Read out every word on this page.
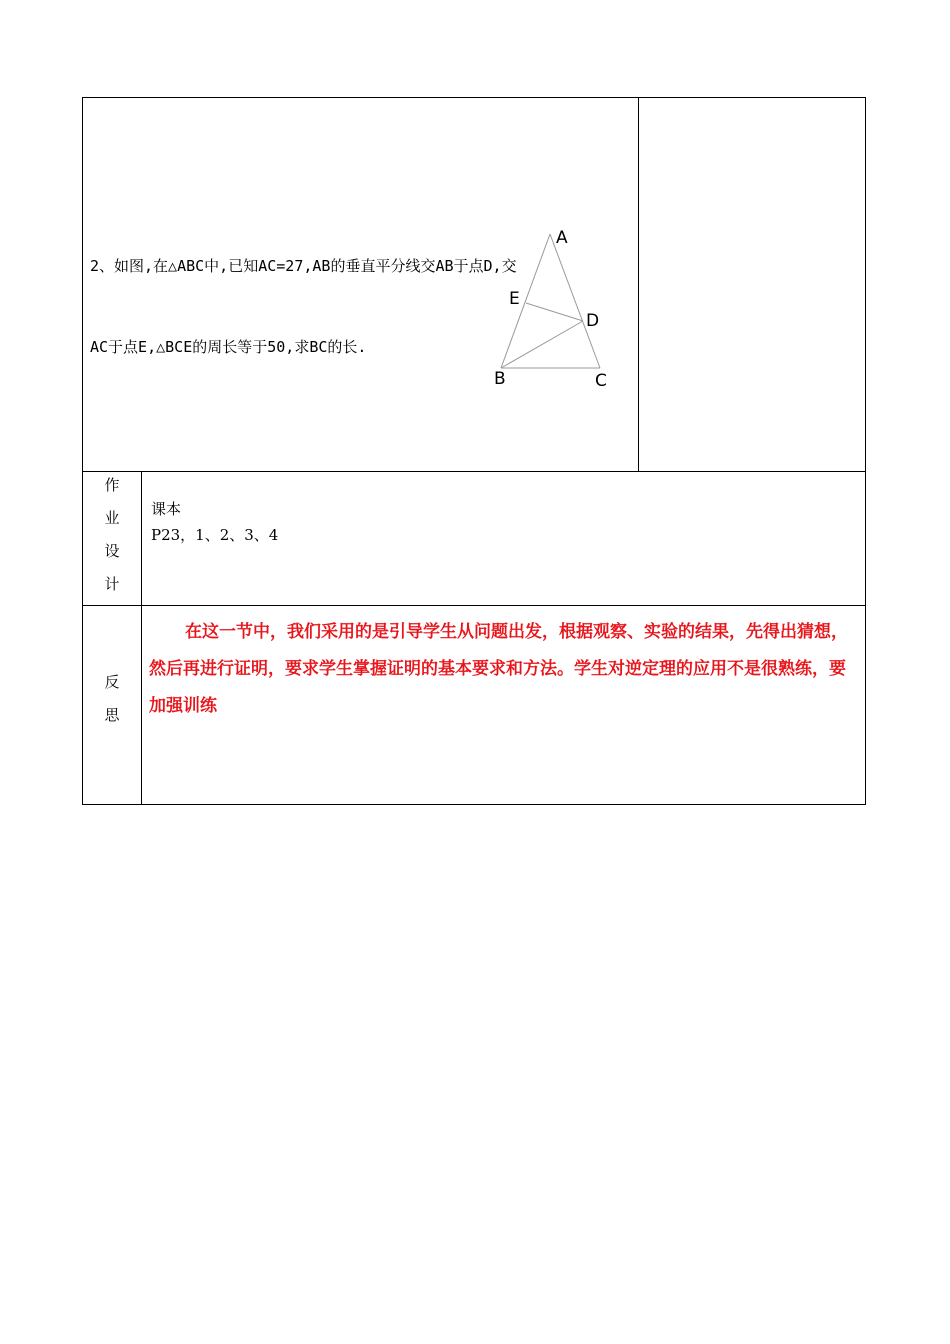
2、如图,在△ABC中,已知AC=27,AB的垂直平分线交AB于点D,交

AC于点E,△BCE的周长等于50,求BC的长.

A
E
D
B	C
作
业
设
计
课本
P23，1、2、3、4
反
思
在这一节中，我们采用的是引导学生从问题出发，根据观察、实验的结果，先得出猜想，然后再进行证明，要求学生掌握证明的基本要求和方法。学生对逆定理的应用不是很熟练，要加强训练
